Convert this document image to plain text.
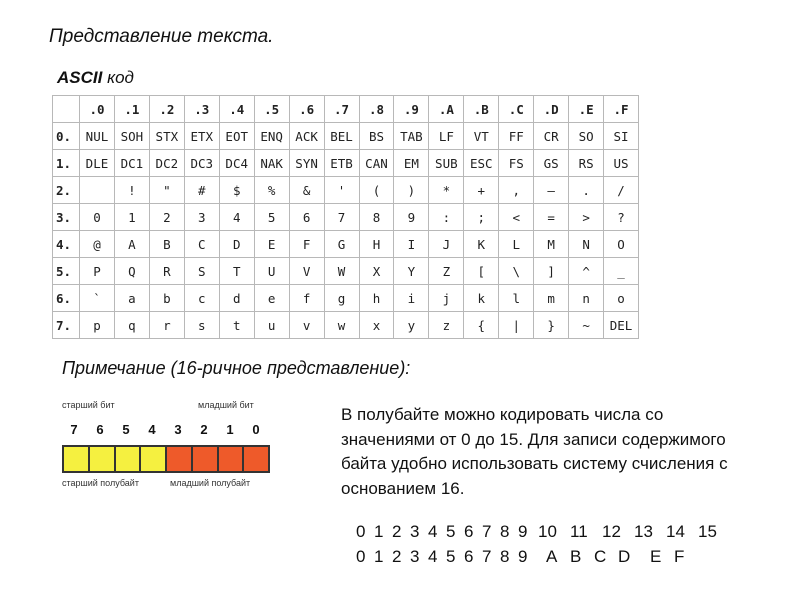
Представление текста.
ASCII код
	.0	.1	.2	.3	.4	.5	.6	.7	.8	.9	.A	.B	.C	.D	.E	.F
0.	NUL	SOH	STX	ETX	EOT	ENQ	ACK	BEL	BS	TAB	LF	VT	FF	CR	SO	SI
1.	DLE	DC1	DC2	DC3	DC4	NAK	SYN	ETB	CAN	EM	SUB	ESC	FS	GS	RS	US
2.		!	"	#	$	%	&	'	(	)	*	+	,	—	.	/
3.	0	1	2	3	4	5	6	7	8	9	:	;	<	=	>	?
4.	@	A	B	C	D	E	F	G	H	I	J	K	L	M	N	O
5.	P	Q	R	S	T	U	V	W	X	Y	Z	[	\	]	^	_
6.	`	a	b	c	d	e	f	g	h	i	j	k	l	m	n	o
7.	p	q	r	s	t	u	v	w	x	y	z	{	|	}	~	DEL
Примечание (16-ричное представление):
старший бит	младший бит
7	6	5	4	3	2	1	0
старший полубайт	младший полубайт
В полубайте можно кодировать числа со значениями от 0 до 15. Для записи содержимого байта удобно использовать систему счисления с основанием 16.
0 1 2 3 4 5 6 7 8 9 10 11 12 13 14 15
0 1 2 3 4 5 6 7 8 9 A B C D E F
